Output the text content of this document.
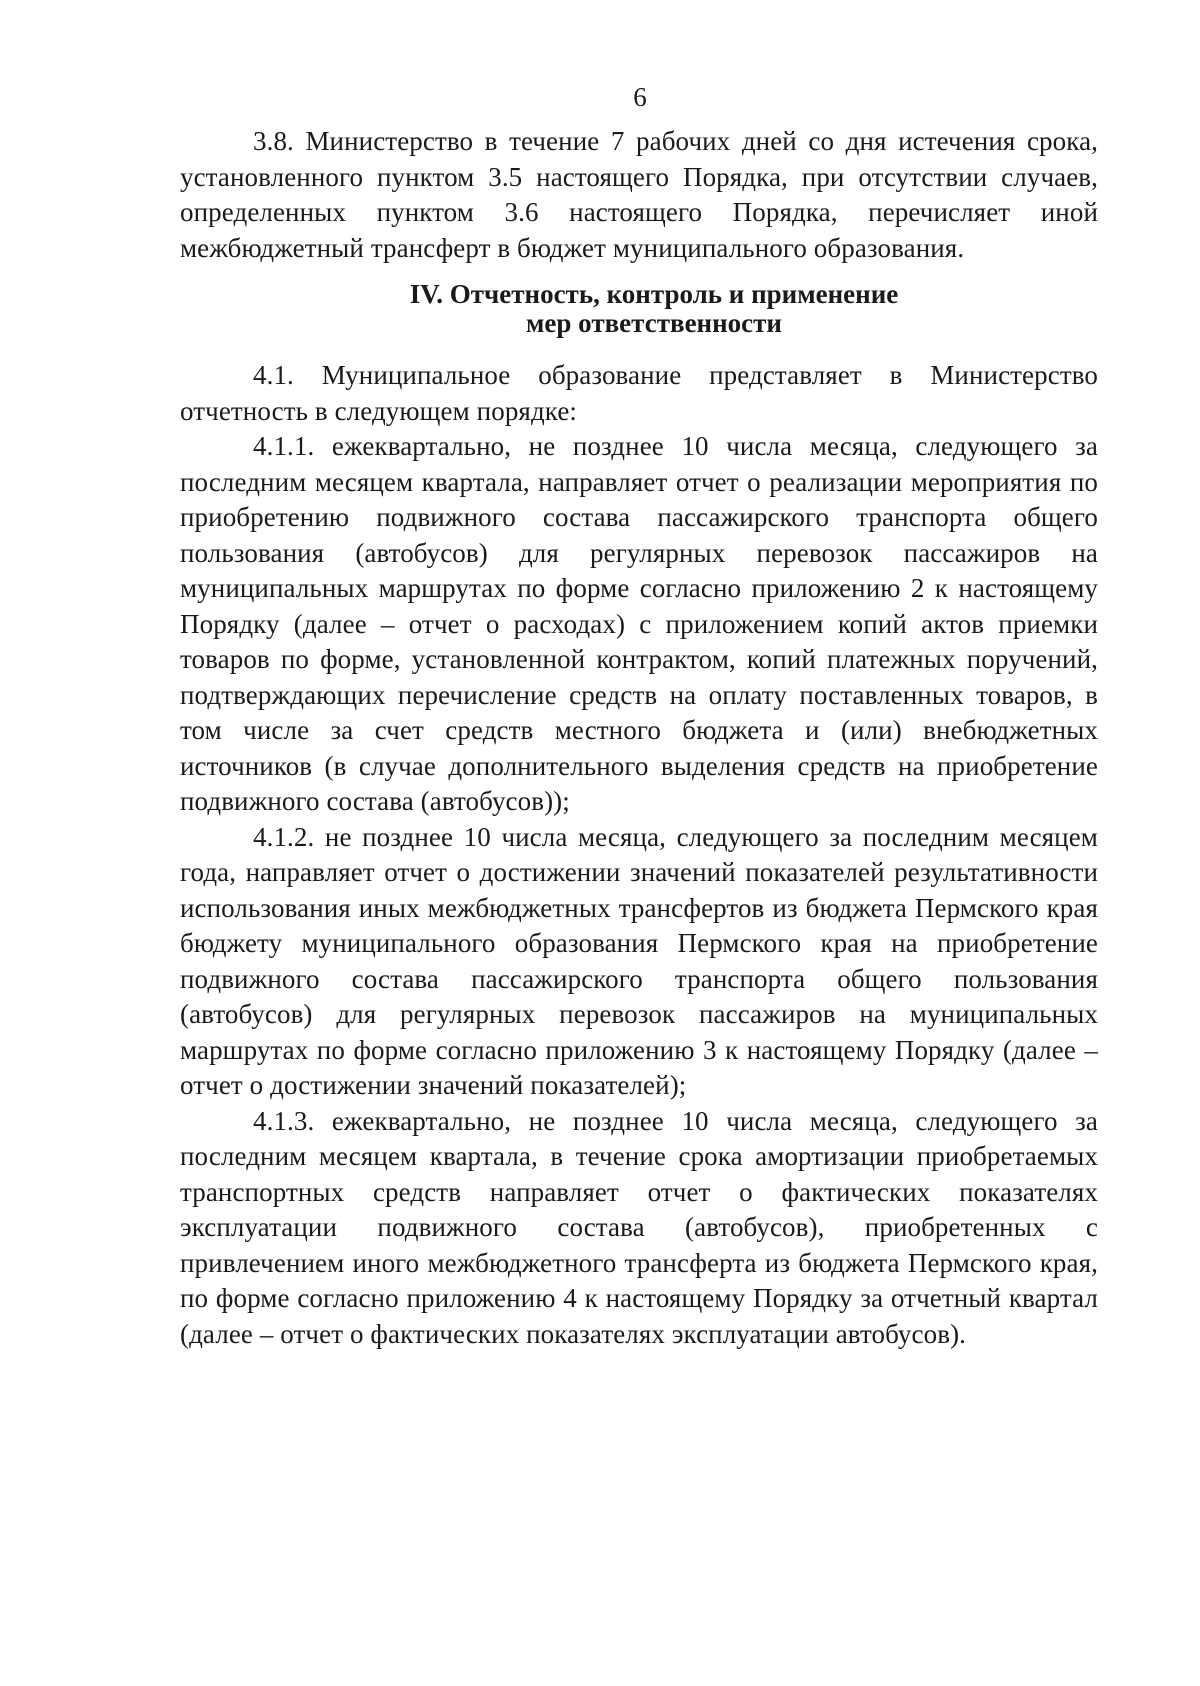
6

3.8. Министерство в течение 7 рабочих дней со дня истечения срока, установленного пунктом 3.5 настоящего Порядка, при отсутствии случаев, определенных пунктом 3.6 настоящего Порядка, перечисляет иной межбюджетный трансферт в бюджет муниципального образования.

IV. Отчетность, контроль и применение
мер ответственности

4.1. Муниципальное образование представляет в Министерство отчетность в следующем порядке:

4.1.1. ежеквартально, не позднее 10 числа месяца, следующего за последним месяцем квартала, направляет отчет о реализации мероприятия по приобретению подвижного состава пассажирского транспорта общего пользования (автобусов) для регулярных перевозок пассажиров на муниципальных маршрутах по форме согласно приложению 2 к настоящему Порядку (далее – отчет о расходах) с приложением копий актов приемки товаров по форме, установленной контрактом, копий платежных поручений, подтверждающих перечисление средств на оплату поставленных товаров, в том числе за счет средств местного бюджета и (или) внебюджетных источников (в случае дополнительного выделения средств на приобретение подвижного состава (автобусов));

4.1.2. не позднее 10 числа месяца, следующего за последним месяцем года, направляет отчет о достижении значений показателей результативности использования иных межбюджетных трансфертов из бюджета Пермского края бюджету муниципального образования Пермского края на приобретение подвижного состава пассажирского транспорта общего пользования (автобусов) для регулярных перевозок пассажиров на муниципальных маршрутах по форме согласно приложению 3 к настоящему Порядку (далее – отчет о достижении значений показателей);

4.1.3. ежеквартально, не позднее 10 числа месяца, следующего за последним месяцем квартала, в течение срока амортизации приобретаемых транспортных средств направляет отчет о фактических показателях эксплуатации подвижного состава (автобусов), приобретенных с привлечением иного межбюджетного трансферта из бюджета Пермского края, по форме согласно приложению 4 к настоящему Порядку за отчетный квартал (далее – отчет о фактических показателях эксплуатации автобусов).
